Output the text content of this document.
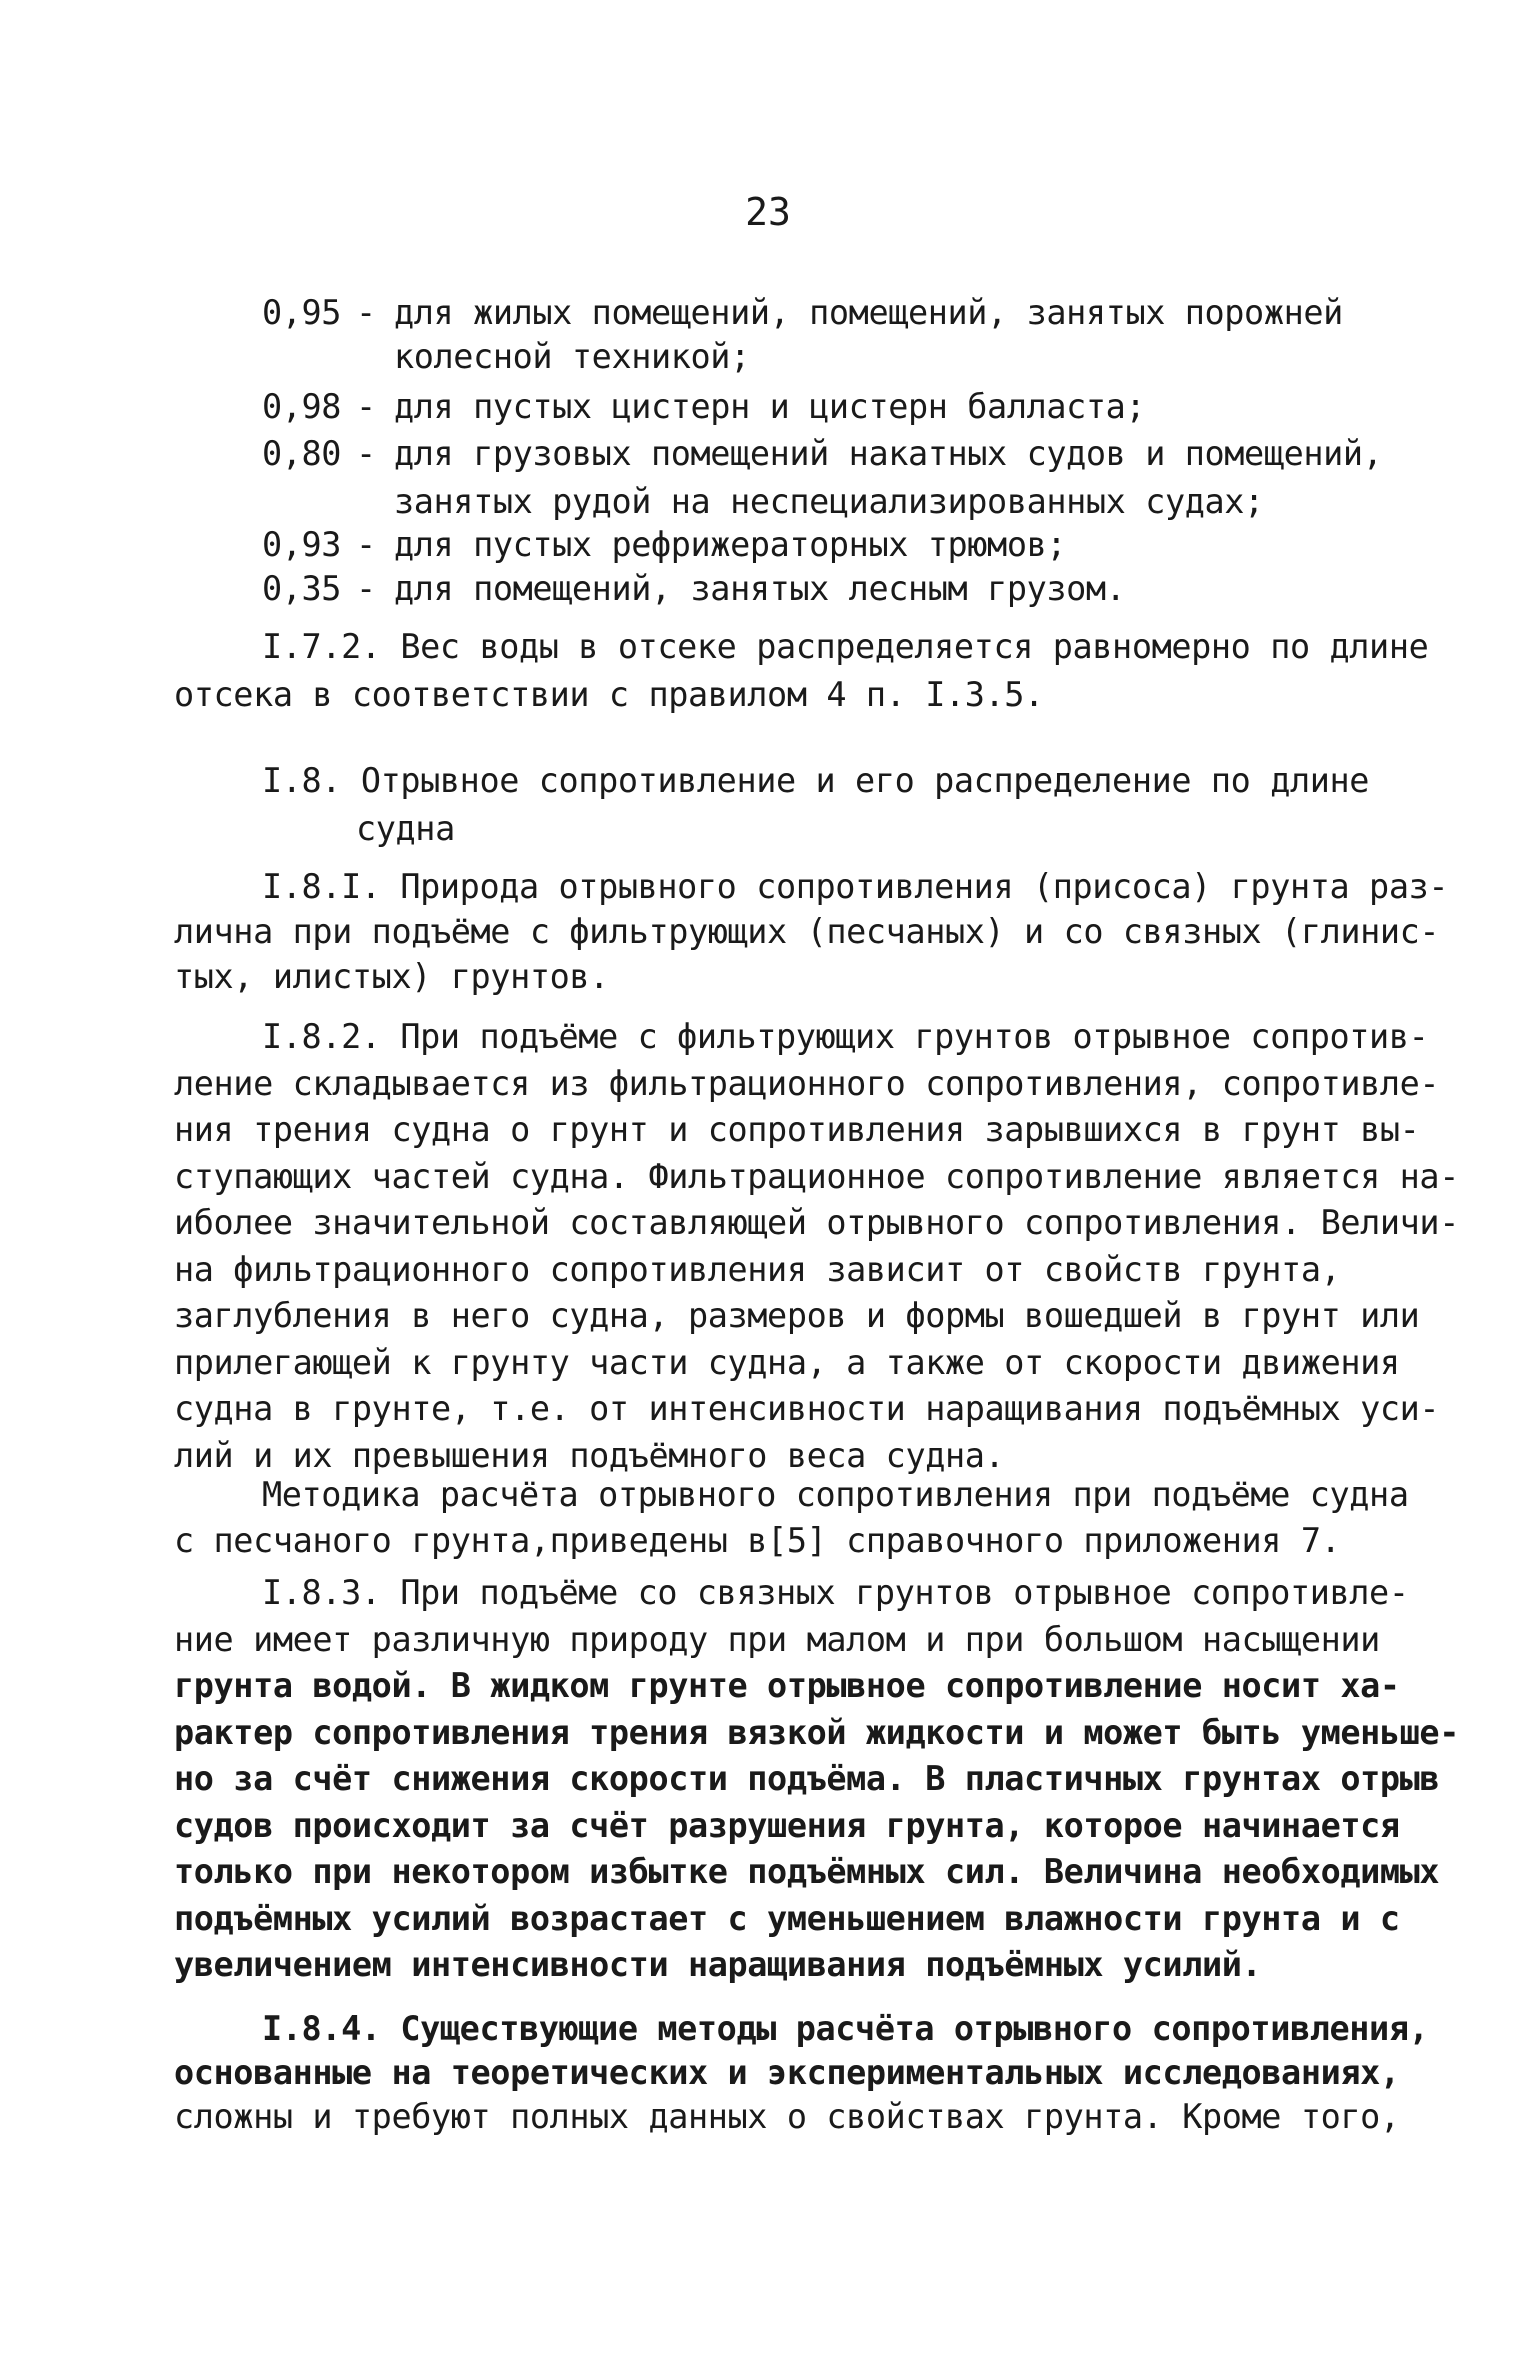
23
0,95 - для жилых помещений, помещений, занятых порожней
колесной техникой;
0,98 - для пустых цистерн и цистерн балласта;
0,80 - для грузовых помещений накатных судов и помещений,
занятых рудой на неспециализированных судах;
0,93 - для пустых рефрижераторных трюмов;
0,35 - для помещений, занятых лесным грузом.
I.7.2. Вес воды в отсеке распределяется равномерно по длине
отсека в соответствии с правилом 4 п. I.3.5.
I.8. Отрывное сопротивление и его распределение по длине
судна
I.8.I. Природа отрывного сопротивления (присоса) грунта раз-
лична при подъёме с фильтрующих (песчаных) и со связных (глинис-
тых, илистых) грунтов.
I.8.2. При подъёме с фильтрующих грунтов отрывное сопротив-
ление складывается из фильтрационного сопротивления, сопротивле-
ния трения судна о грунт и сопротивления зарывшихся в грунт вы-
ступающих частей судна. Фильтрационное сопротивление является на-
иболее значительной составляющей отрывного сопротивления. Величи-
на фильтрационного сопротивления зависит от свойств грунта,
заглубления в него судна, размеров и формы вошедшей в грунт или
прилегающей к грунту части судна, а также от скорости движения
судна в грунте, т.е. от интенсивности наращивания подъёмных уси-
лий и их превышения подъёмного веса судна.
Методика расчёта отрывного сопротивления при подъёме судна
с песчаного грунта,приведены в[5] справочного приложения 7.
I.8.3. При подъёме со связных грунтов отрывное сопротивле-
ние имеет различную природу при малом и при большом насыщении
грунта водой. В жидком грунте отрывное сопротивление носит ха-
рактер сопротивления трения вязкой жидкости и может быть уменьше-
но за счёт снижения скорости подъёма. В пластичных грунтах отрыв
судов происходит за счёт разрушения грунта, которое начинается
только при некотором избытке подъёмных сил. Величина необходимых
подъёмных усилий возрастает с уменьшением влажности грунта и с
увеличением интенсивности наращивания подъёмных усилий.
I.8.4. Существующие методы расчёта отрывного сопротивления,
основанные на теоретических и экспериментальных исследованиях,
сложны и требуют полных данных о свойствах грунта. Кроме того,
